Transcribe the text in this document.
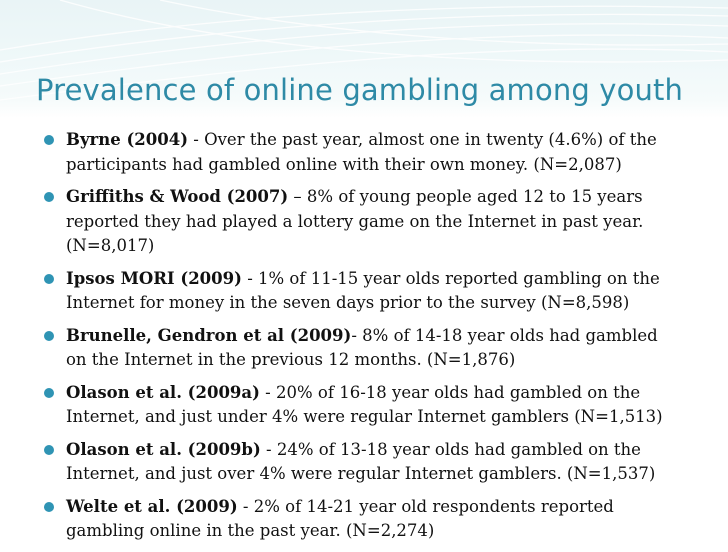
Prevalence of online gambling among youth
Byrne (2004) - Over the past year, almost one in twenty (4.6%) of the
participants had gambled online with their own money. (N=2,087)
Griffiths & Wood (2007) – 8% of young people aged 12 to 15 years
reported they had played a lottery game on the Internet in past year.
(N=8,017)
Ipsos MORI (2009) - 1% of 11-15 year olds reported gambling on the
Internet for money in the seven days prior to the survey (N=8,598)
Brunelle, Gendron et al (2009)- 8% of 14-18 year olds had gambled
on the Internet in the previous 12 months. (N=1,876)
Olason et al. (2009a) - 20% of 16-18 year olds had gambled on the
Internet, and just under 4% were regular Internet gamblers (N=1,513)
Olason et al. (2009b) - 24% of 13-18 year olds had gambled on the
Internet, and just over 4% were regular Internet gamblers. (N=1,537)
Welte et al. (2009) - 2% of 14-21 year old respondents reported
gambling online in the past year. (N=2,274)
